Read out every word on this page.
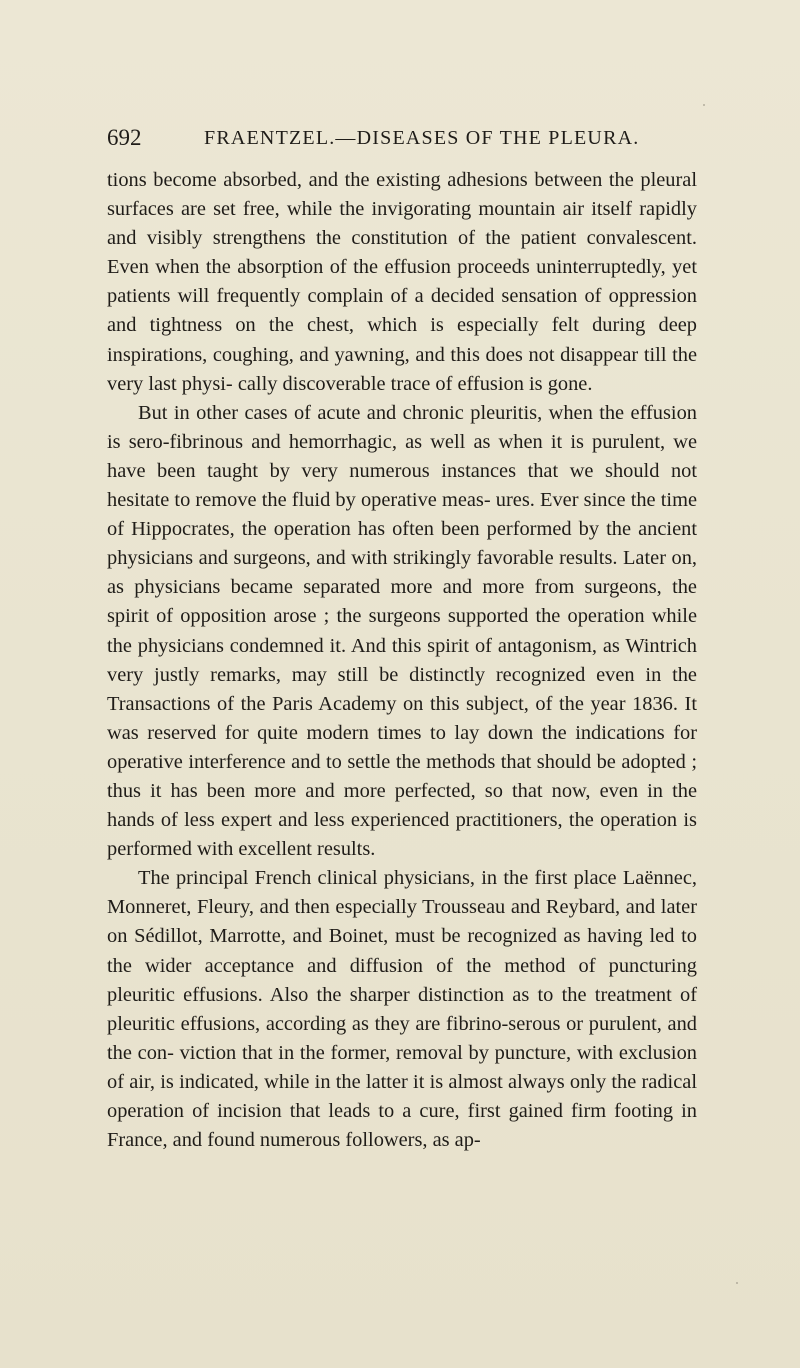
692	FRAENTZEL.—DISEASES OF THE PLEURA.

tions become absorbed, and the existing adhesions between the pleural surfaces are set free, while the invigorating mountain air itself rapidly and visibly strengthens the constitution of the patient convalescent. Even when the absorption of the effusion proceeds uninterruptedly, yet patients will frequently complain of a decided sensation of oppression and tightness on the chest, which is especially felt during deep inspirations, coughing, and yawning, and this does not disappear till the very last physi- cally discoverable trace of effusion is gone.

But in other cases of acute and chronic pleuritis, when the effusion is sero-fibrinous and hemorrhagic, as well as when it is purulent, we have been taught by very numerous instances that we should not hesitate to remove the fluid by operative meas- ures. Ever since the time of Hippocrates, the operation has often been performed by the ancient physicians and surgeons, and with strikingly favorable results. Later on, as physicians became separated more and more from surgeons, the spirit of opposition arose ; the surgeons supported the operation while the physicians condemned it. And this spirit of antagonism, as Wintrich very justly remarks, may still be distinctly recognized even in the Transactions of the Paris Academy on this subject, of the year 1836. It was reserved for quite modern times to lay down the indications for operative interference and to settle the methods that should be adopted ; thus it has been more and more perfected, so that now, even in the hands of less expert and less experienced practitioners, the operation is performed with excellent results.

The principal French clinical physicians, in the first place Laënnec, Monneret, Fleury, and then especially Trousseau and Reybard, and later on Sédillot, Marrotte, and Boinet, must be recognized as having led to the wider acceptance and diffusion of the method of puncturing pleuritic effusions. Also the sharper distinction as to the treatment of pleuritic effusions, according as they are fibrino-serous or purulent, and the con- viction that in the former, removal by puncture, with exclusion of air, is indicated, while in the latter it is almost always only the radical operation of incision that leads to a cure, first gained firm footing in France, and found numerous followers, as ap-
